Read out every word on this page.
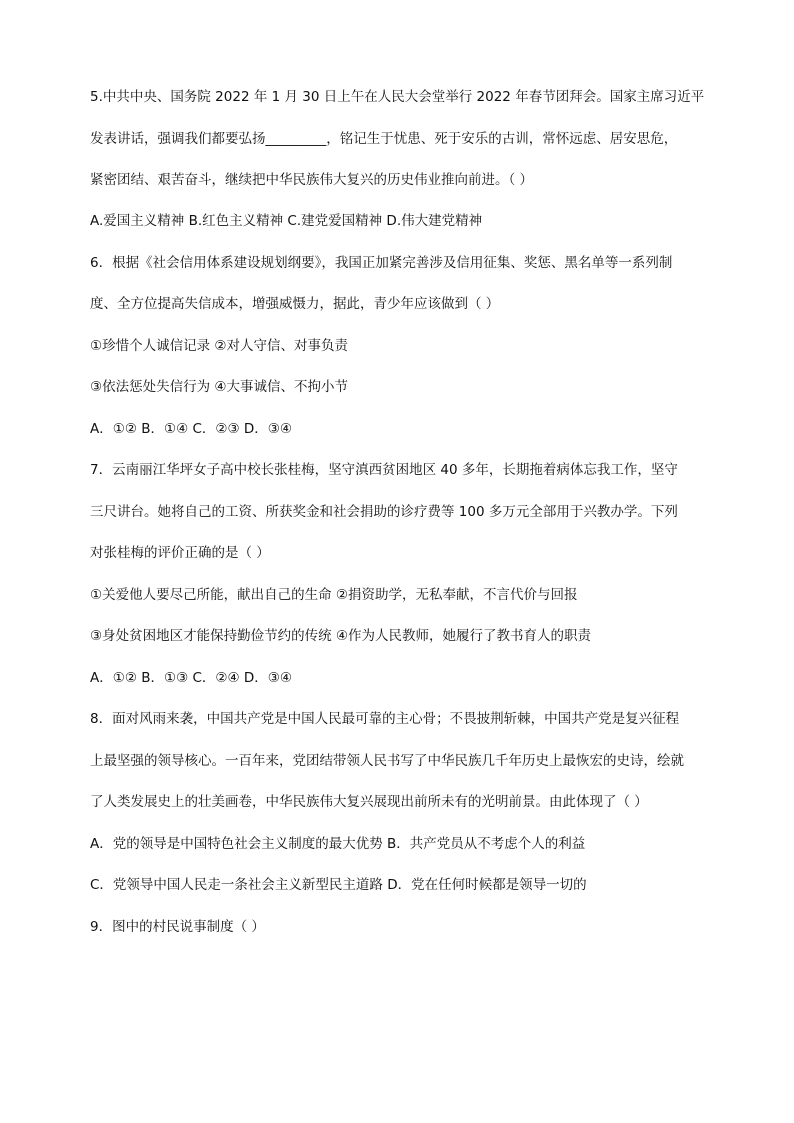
5.中共中央、国务院 2022 年 1 月 30 日上午在人民大会堂举行 2022 年春节团拜会。国家主席习近平
发表讲话，强调我们都要弘扬_________，铭记生于忧患、死于安乐的古训，常怀远虑、居安思危，
紧密团结、艰苦奋斗，继续把中华民族伟大复兴的历史伟业推向前进。（ ）
A.爱国主义精神 B.红色主义精神 C.建党爱国精神 D.伟大建党精神
6．根据《社会信用体系建设规划纲要》，我国正加紧完善涉及信用征集、奖惩、黑名单等一系列制
度、全方位提高失信成本，增强威慑力，据此，青少年应该做到（ ）
①珍惜个人诚信记录 ②对人守信、对事负责
③依法惩处失信行为 ④大事诚信、不拘小节
A．①② B．①④ C．②③ D．③④
7．云南丽江华坪女子高中校长张桂梅，坚守滇西贫困地区 40 多年，长期拖着病体忘我工作，坚守
三尺讲台。她将自己的工资、所获奖金和社会捐助的诊疗费等 100 多万元全部用于兴教办学。下列
对张桂梅的评价正确的是（ ）
①关爱他人要尽己所能，献出自己的生命 ②捐资助学，无私奉献，不言代价与回报
③身处贫困地区才能保持勤俭节约的传统 ④作为人民教师，她履行了教书育人的职责
A．①② B．①③ C．②④ D．③④
8．面对风雨来袭，中国共产党是中国人民最可靠的主心骨；不畏披荆斩棘，中国共产党是复兴征程
上最坚强的领导核心。一百年来，党团结带领人民书写了中华民族几千年历史上最恢宏的史诗，绘就
了人类发展史上的壮美画卷，中华民族伟大复兴展现出前所未有的光明前景。由此体现了（ ）
A．党的领导是中国特色社会主义制度的最大优势 B．共产党员从不考虑个人的利益
C．党领导中国人民走一条社会主义新型民主道路 D．党在任何时候都是领导一切的
9．图中的村民说事制度（ ）
